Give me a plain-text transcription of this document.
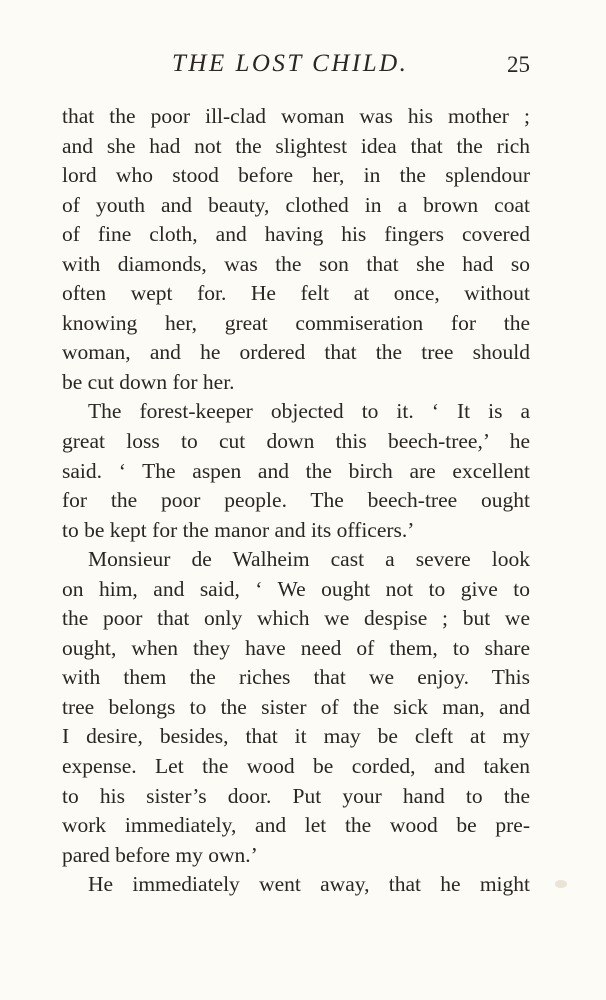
THE LOST CHILD.	25
that the poor ill-clad woman was his mother ;
and she had not the slightest idea that the rich
lord who stood before her, in the splendour
of youth and beauty, clothed in a brown coat
of fine cloth, and having his fingers covered
with diamonds, was the son that she had so
often wept for. He felt at once, without
knowing her, great commiseration for the
woman, and he ordered that the tree should
be cut down for her.
The forest-keeper objected to it. ‘ It is a
great loss to cut down this beech-tree,’ he
said. ‘ The aspen and the birch are excellent
for the poor people. The beech-tree ought
to be kept for the manor and its officers.’
Monsieur de Walheim cast a severe look
on him, and said, ‘ We ought not to give to
the poor that only which we despise ; but we
ought, when they have need of them, to share
with them the riches that we enjoy. This
tree belongs to the sister of the sick man, and
I desire, besides, that it may be cleft at my
expense. Let the wood be corded, and taken
to his sister’s door. Put your hand to the
work immediately, and let the wood be pre-
pared before my own.’
He immediately went away, that he might
